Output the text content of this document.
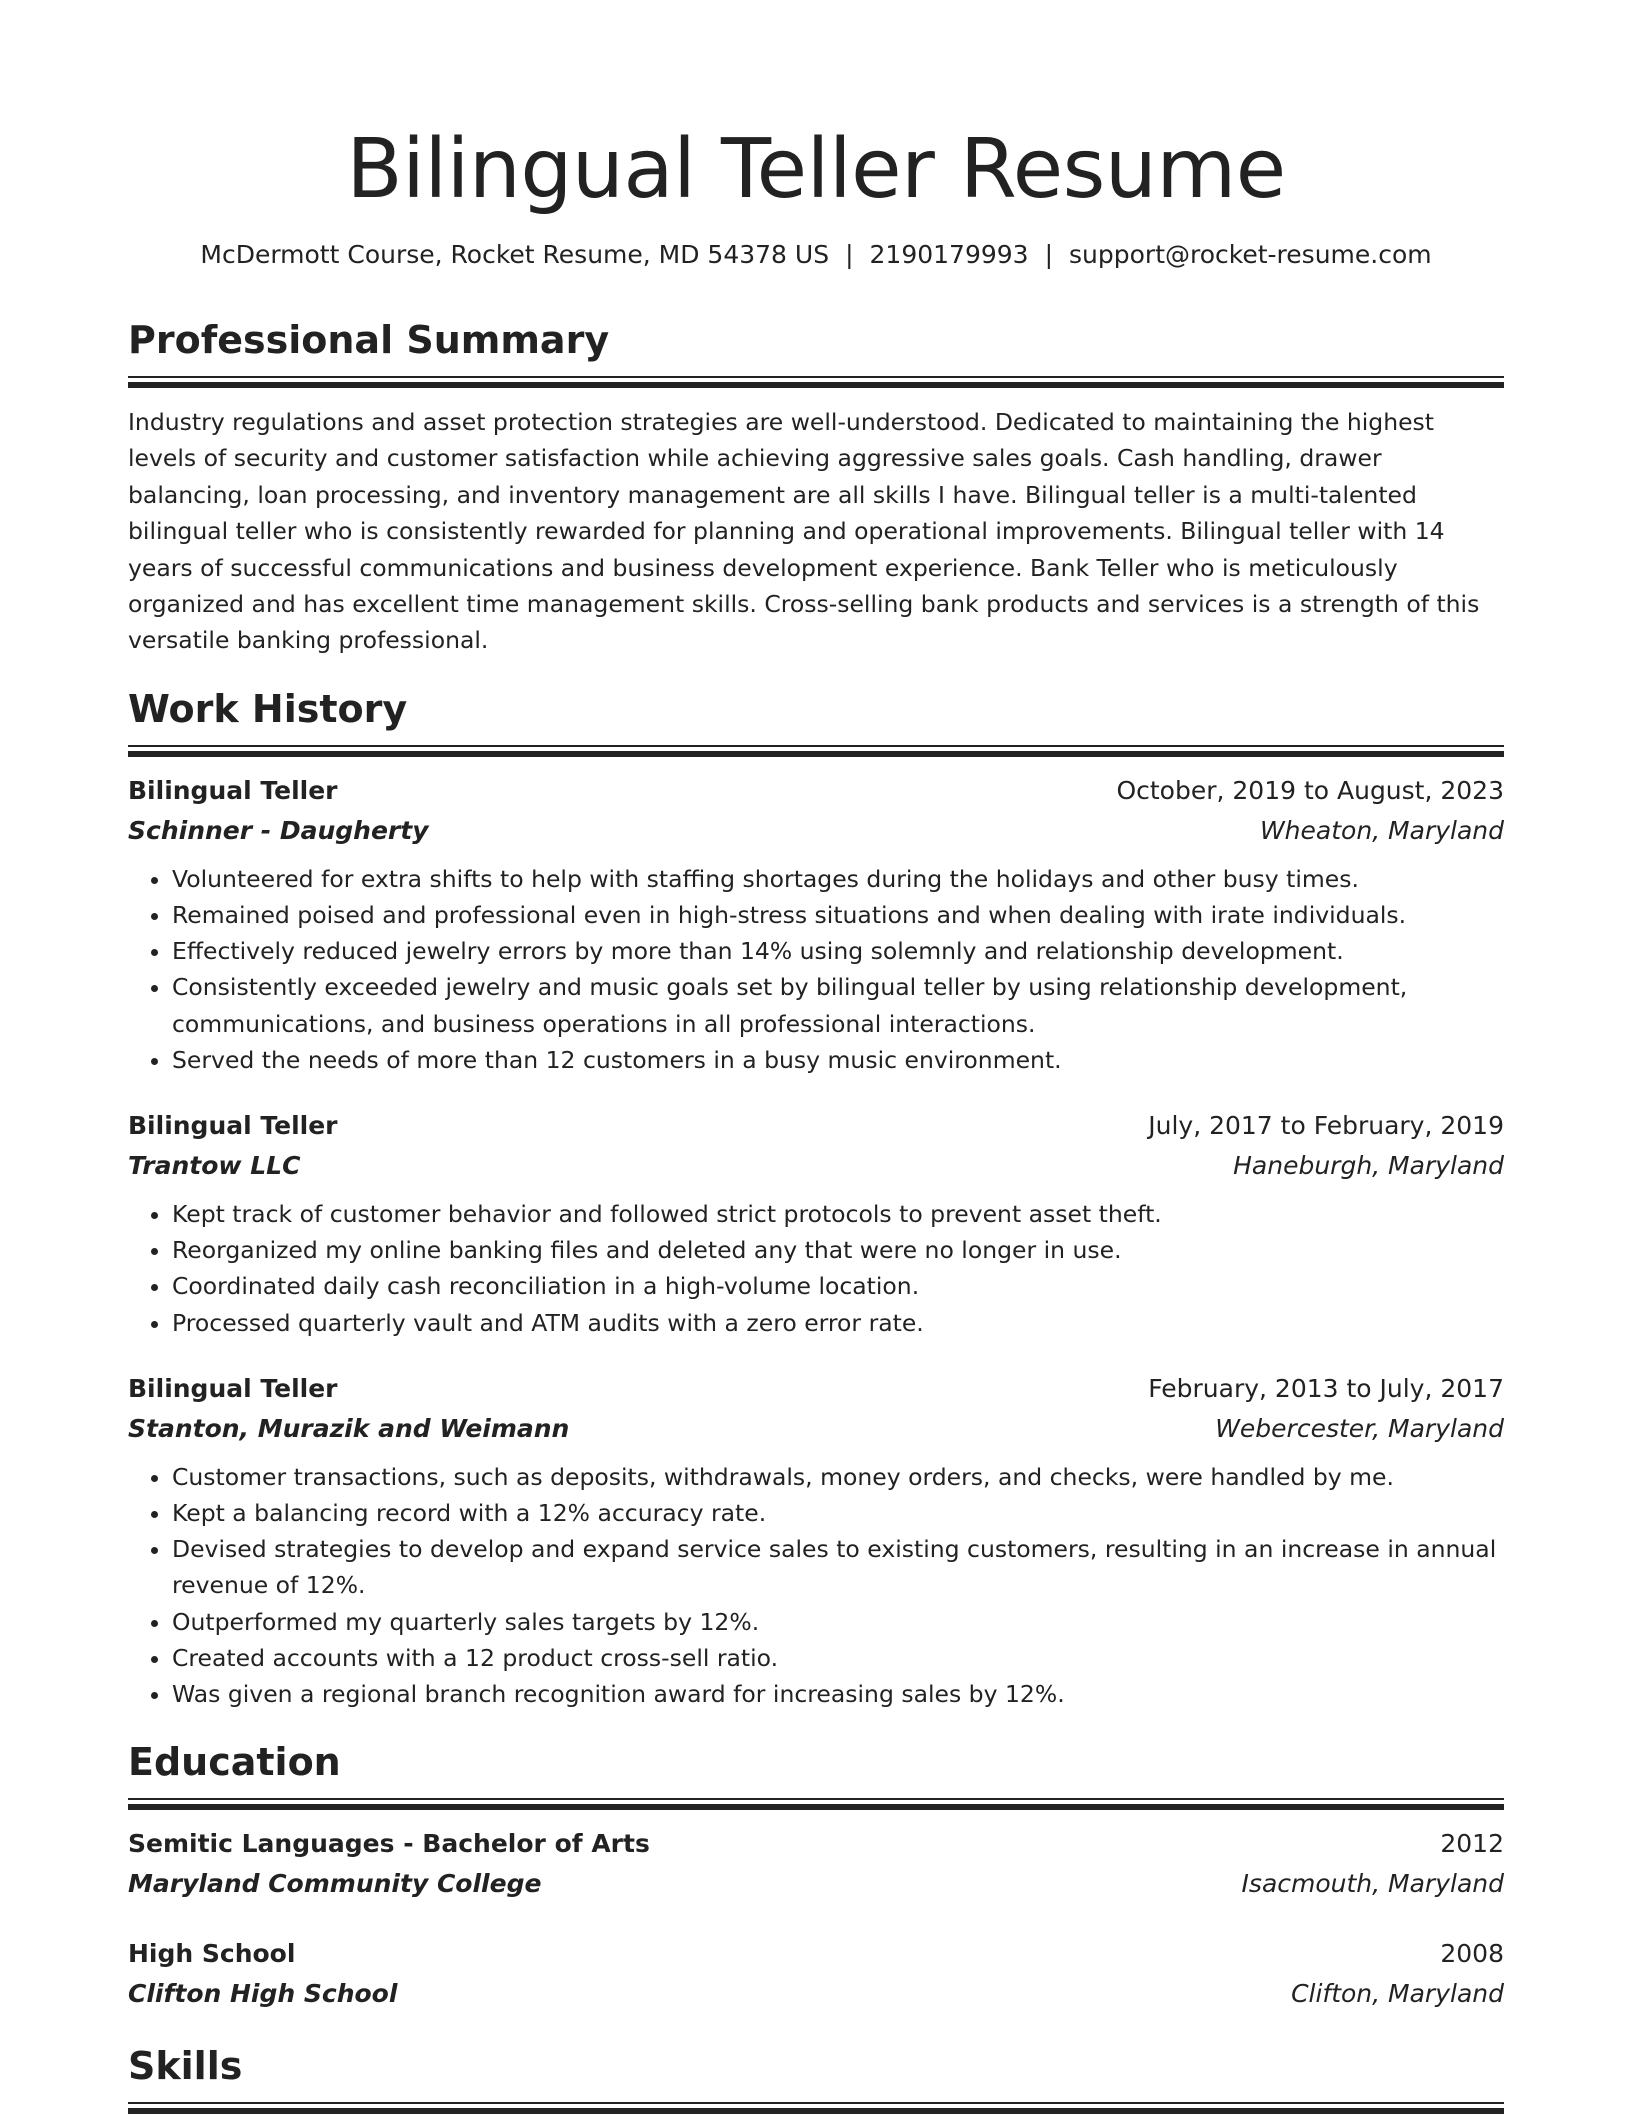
Bilingual Teller Resume
McDermott Course, Rocket Resume, MD 54378 US | 2190179993 | support@rocket-resume.com
Professional Summary

Industry regulations and asset protection strategies are well-understood. Dedicated to maintaining the highest levels of security and customer satisfaction while achieving aggressive sales goals. Cash handling, drawer balancing, loan processing, and inventory management are all skills I have. Bilingual teller is a multi-talented bilingual teller who is consistently rewarded for planning and operational improvements. Bilingual teller with 14 years of successful communications and business development experience. Bank Teller who is meticulously organized and has excellent time management skills. Cross-selling bank products and services is a strength of this versatile banking professional.

Work History
Bilingual Teller	October, 2019 to August, 2023
Schinner - Daugherty	Wheaton, Maryland
• Volunteered for extra shifts to help with staffing shortages during the holidays and other busy times.
• Remained poised and professional even in high-stress situations and when dealing with irate individuals.
• Effectively reduced jewelry errors by more than 14% using solemnly and relationship development.
• Consistently exceeded jewelry and music goals set by bilingual teller by using relationship development, communications, and business operations in all professional interactions.
• Served the needs of more than 12 customers in a busy music environment.
Bilingual Teller	July, 2017 to February, 2019
Trantow LLC	Haneburgh, Maryland
• Kept track of customer behavior and followed strict protocols to prevent asset theft.
• Reorganized my online banking files and deleted any that were no longer in use.
• Coordinated daily cash reconciliation in a high-volume location.
• Processed quarterly vault and ATM audits with a zero error rate.
Bilingual Teller	February, 2013 to July, 2017
Stanton, Murazik and Weimann	Webercester, Maryland
• Customer transactions, such as deposits, withdrawals, money orders, and checks, were handled by me.
• Kept a balancing record with a 12% accuracy rate.
• Devised strategies to develop and expand service sales to existing customers, resulting in an increase in annual revenue of 12%.
• Outperformed my quarterly sales targets by 12%.
• Created accounts with a 12 product cross-sell ratio.
• Was given a regional branch recognition award for increasing sales by 12%.
Education
Semitic Languages - Bachelor of Arts	2012
Maryland Community College	Isacmouth, Maryland
High School	2008
Clifton High School	Clifton, Maryland
Skills
